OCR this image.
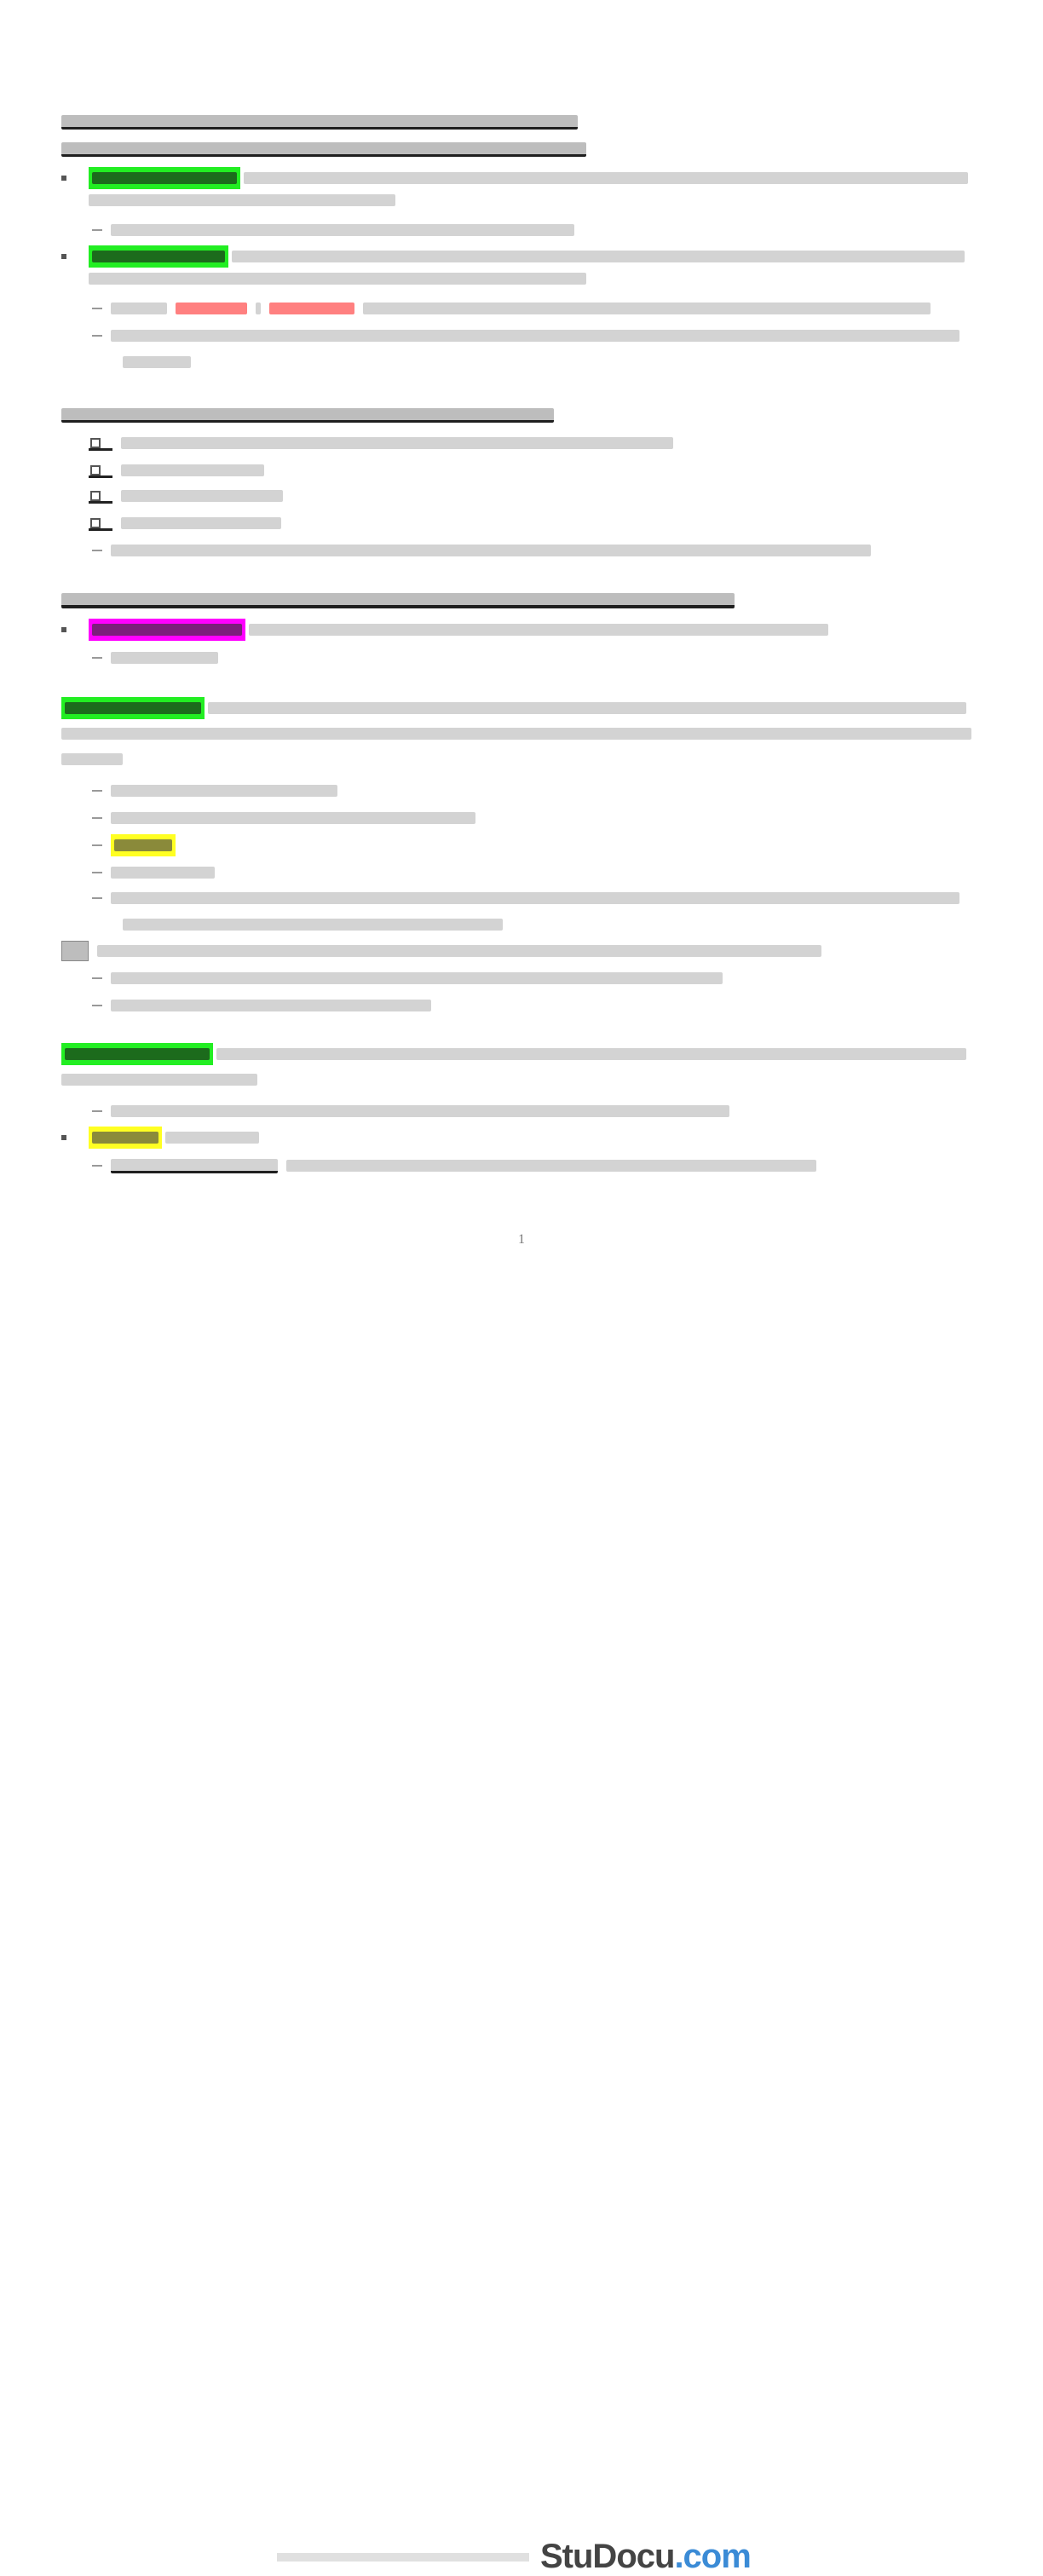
1
StuDocu.com
